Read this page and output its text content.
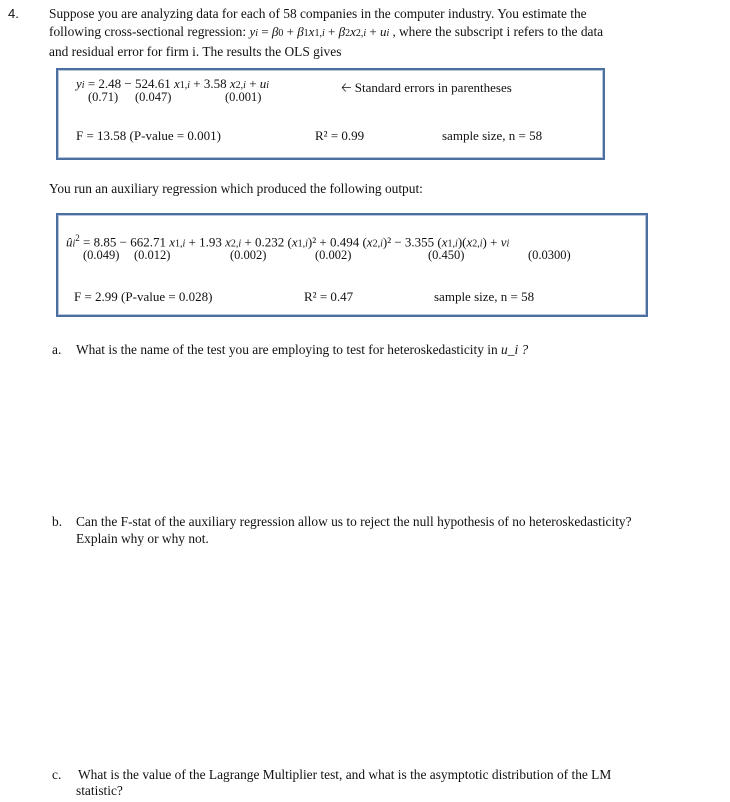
4. Suppose you are analyzing data for each of 58 companies in the computer industry. You estimate the
following cross-sectional regression: yi = β0 + β1x1,i + β2x2,i + ui , where the subscript i refers to the data
and residual error for firm i. The results the OLS gives
yi = 2.48 − 524.61 x1,i + 3.58 x2,i + ui
(0.71) (0.047)	(0.001)
🡠 Standard errors in parentheses
F = 13.58 (P-value = 0.001)	R² = 0.99	sample size, n = 58
You run an auxiliary regression which produced the following output:
$ûi^2 = 8.85 - 662.71$ x1,i + 1.93 x2,i + 0.232 (x1,i)² + 0.494 (x2,i)² − 3.355 (x1,i)(x2,i) + vi
(0.049) (0.012)	(0.002)	(0.002)	(0.450)	(0.0300)
F = 2.99 (P-value = 0.028)	R² = 0.47	sample size, n = 58
a. What is the name of the test you are employing to test for heteroskedasticity in u_i ?
b. Can the F-stat of the auxiliary regression allow us to reject the null hypothesis of no heteroskedasticity?
Explain why or why not.
c. What is the value of the Lagrange Multiplier test, and what is the asymptotic distribution of the LM
statistic?
